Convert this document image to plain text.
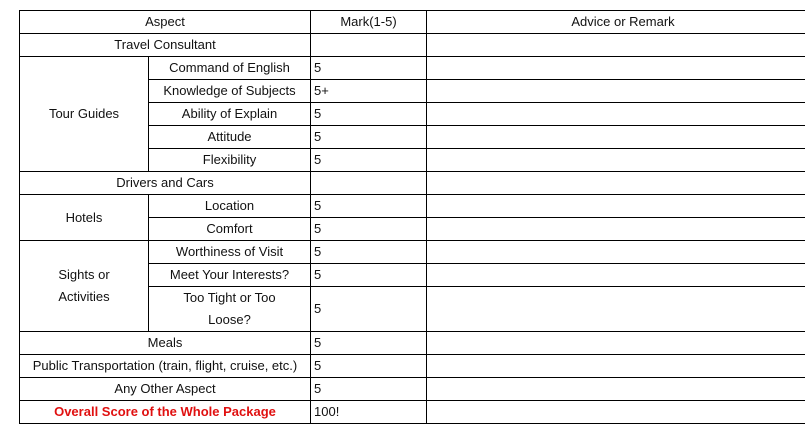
Aspect		Mark(1-5)	Advice or Remark
Travel Consultant			
Tour Guides	Command of English	5	
	Knowledge of Subjects	5+	
	Ability of Explain	5	
	Attitude	5	
	Flexibility	5	
Drivers and Cars			
Hotels	Location	5	
	Comfort	5	
Sights or Activities	Worthiness of Visit	5	
	Meet Your Interests?	5	
	Too Tight or Too Loose?	5	
Meals		5	
Public Transportation (train, flight, cruise, etc.)		5	
Any Other Aspect		5	
Overall Score of the Whole Package		100!	
